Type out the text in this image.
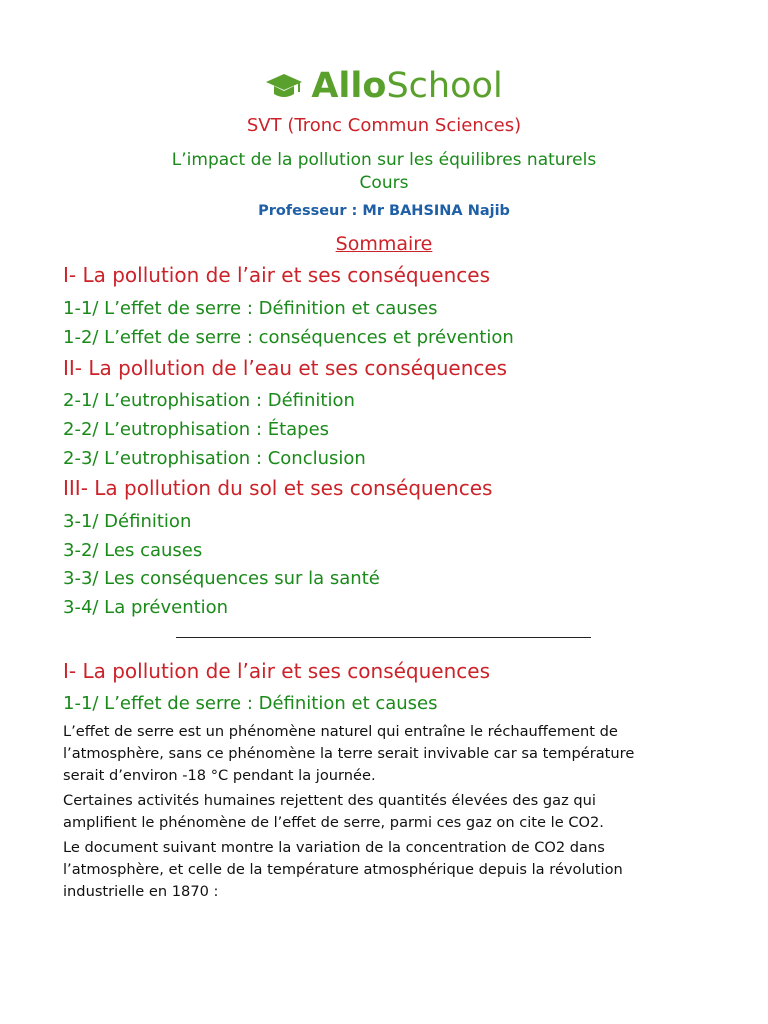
AlloSchool
SVT (Tronc Commun Sciences)
L’impact de la pollution sur les équilibres naturels
Cours
Professeur : Mr BAHSINA Najib
Sommaire
I- La pollution de l’air et ses conséquences
1-1/ L’effet de serre : Définition et causes
1-2/ L’effet de serre : conséquences et prévention
II- La pollution de l’eau et ses conséquences
2-1/ L’eutrophisation : Définition
2-2/ L’eutrophisation : Étapes
2-3/ L’eutrophisation : Conclusion
III- La pollution du sol et ses conséquences
3-1/ Définition
3-2/ Les causes
3-3/ Les conséquences sur la santé
3-4/ La prévention
I- La pollution de l’air et ses conséquences
1-1/ L’effet de serre : Définition et causes
L’effet de serre est un phénomène naturel qui entraîne le réchauffement de
l’atmosphère, sans ce phénomène la terre serait invivable car sa température
serait d’environ -18 °C pendant la journée.
Certaines activités humaines rejettent des quantités élevées des gaz qui
amplifient le phénomène de l’effet de serre, parmi ces gaz on cite le CO2.
Le document suivant montre la variation de la concentration de CO2 dans
l’atmosphère, et celle de la température atmosphérique depuis la révolution
industrielle en 1870 :
